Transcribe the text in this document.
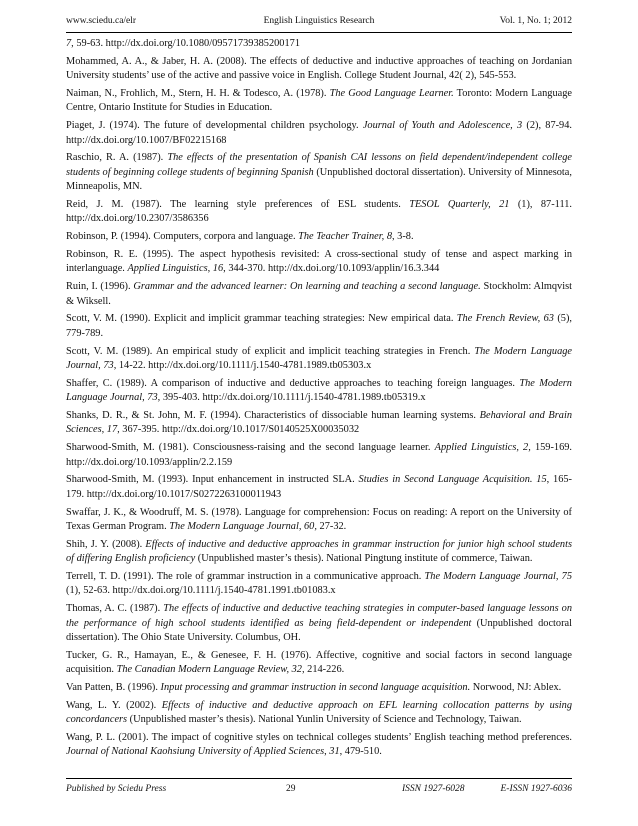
www.sciedu.ca/elr	English Linguistics Research	Vol. 1, No. 1; 2012

7, 59-63. http://dx.doi.org/10.1080/09571739385200171

Mohammed, A. A., & Jaber, H. A. (2008). The effects of deductive and inductive approaches of teaching on Jordanian University students’ use of the active and passive voice in English. College Student Journal, 42( 2), 545-553.

Naiman, N., Frohlich, M., Stern, H. H. & Todesco, A. (1978). The Good Language Learner. Toronto: Modern Language Centre, Ontario Institute for Studies in Education.

Piaget, J. (1974). The future of developmental children psychology. Journal of Youth and Adolescence, 3 (2), 87-94. http://dx.doi.org/10.1007/BF02215168

Raschio, R. A. (1987). The effects of the presentation of Spanish CAI lessons on field dependent/independent college students of beginning college students of beginning Spanish (Unpublished doctoral dissertation). University of Minnesota, Minneapolis, MN.

Reid, J. M. (1987). The learning style preferences of ESL students. TESOL Quarterly, 21 (1), 87-111. http://dx.doi.org/10.2307/3586356

Robinson, P. (1994). Computers, corpora and language. The Teacher Trainer, 8, 3-8.

Robinson, R. E. (1995). The aspect hypothesis revisited: A cross-sectional study of tense and aspect marking in interlanguage. Applied Linguistics, 16, 344-370. http://dx.doi.org/10.1093/applin/16.3.344

Ruin, I. (1996). Grammar and the advanced learner: On learning and teaching a second language. Stockholm: Almqvist & Wiksell.

Scott, V. M. (1990). Explicit and implicit grammar teaching strategies: New empirical data. The French Review, 63 (5), 779-789.

Scott, V. M. (1989). An empirical study of explicit and implicit teaching strategies in French. The Modern Language Journal, 73, 14-22. http://dx.doi.org/10.1111/j.1540-4781.1989.tb05303.x

Shaffer, C. (1989). A comparison of inductive and deductive approaches to teaching foreign languages. The Modern Language Journal, 73, 395-403. http://dx.doi.org/10.1111/j.1540-4781.1989.tb05319.x

Shanks, D. R., & St. John, M. F. (1994). Characteristics of dissociable human learning systems. Behavioral and Brain Sciences, 17, 367-395. http://dx.doi.org/10.1017/S0140525X00035032

Sharwood-Smith, M. (1981). Consciousness-raising and the second language learner. Applied Linguistics, 2, 159-169. http://dx.doi.org/10.1093/applin/2.2.159

Sharwood-Smith, M. (1993). Input enhancement in instructed SLA. Studies in Second Language Acquisition. 15, 165-179. http://dx.doi.org/10.1017/S0272263100011943

Swaffar, J. K., & Woodruff, M. S. (1978). Language for comprehension: Focus on reading: A report on the University of Texas German Program. The Modern Language Journal, 60, 27-32.

Shih, J. Y. (2008). Effects of inductive and deductive approaches in grammar instruction for junior high school students of differing English proficiency (Unpublished master’s thesis). National Pingtung institute of commerce, Taiwan.

Terrell, T. D. (1991). The role of grammar instruction in a communicative approach. The Modern Language Journal, 75 (1), 52-63. http://dx.doi.org/10.1111/j.1540-4781.1991.tb01083.x

Thomas, A. C. (1987). The effects of inductive and deductive teaching strategies in computer-based language lessons on the performance of high school students identified as being field-dependent or independent (Unpublished doctoral dissertation). The Ohio State University. Columbus, OH.

Tucker, G. R., Hamayan, E., & Genesee, F. H. (1976). Affective, cognitive and social factors in second language acquisition. The Canadian Modern Language Review, 32, 214-226.

Van Patten, B. (1996). Input processing and grammar instruction in second language acquisition. Norwood, NJ: Ablex.

Wang, L. Y. (2002). Effects of inductive and deductive approach on EFL learning collocation patterns by using concordancers (Unpublished master’s thesis). National Yunlin University of Science and Technology, Taiwan.

Wang, P. L. (2001). The impact of cognitive styles on technical colleges students’ English teaching method preferences. Journal of National Kaohsiung University of Applied Sciences, 31, 479-510.

Published by Sciedu Press	29	ISSN 1927-6028	E-ISSN 1927-6036
